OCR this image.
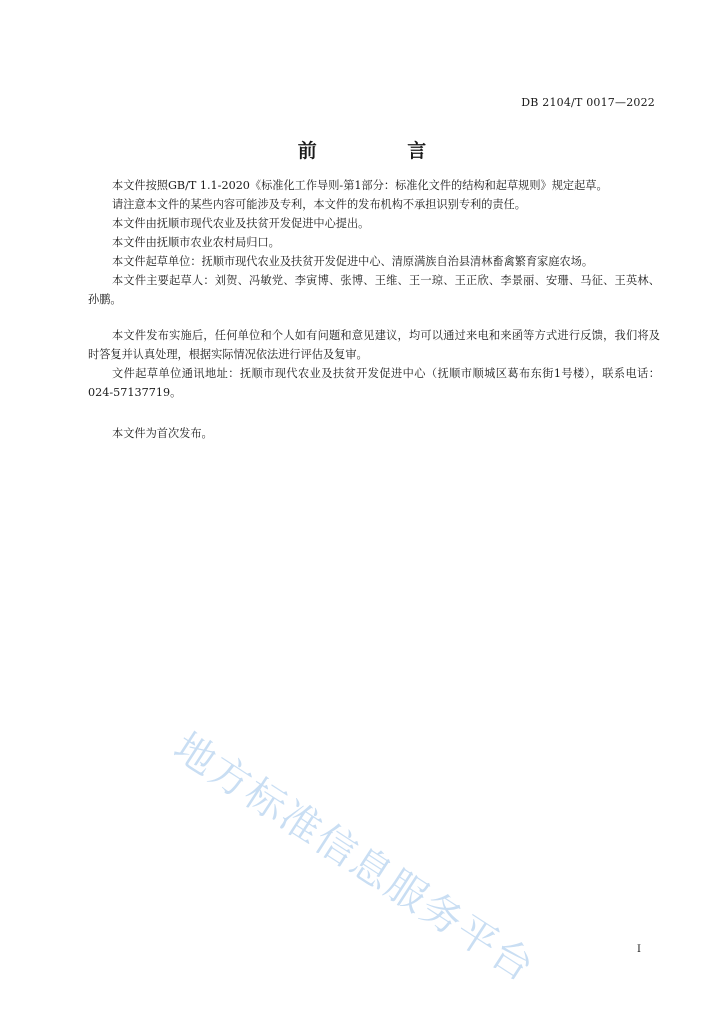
DB 2104/T 0017—2022
前 言

本文件按照GB/T 1.1-2020《标准化工作导则-第1部分：标准化文件的结构和起草规则》规定起草。

请注意本文件的某些内容可能涉及专利，本文件的发布机构不承担识别专利的责任。

本文件由抚顺市现代农业及扶贫开发促进中心提出。

本文件由抚顺市农业农村局归口。

本文件起草单位：抚顺市现代农业及扶贫开发促进中心、清原满族自治县清林畜禽繁育家庭农场。

本文件主要起草人：刘贺、冯敏党、李寅博、张博、王维、王一琼、王正欣、李景丽、安珊、马征、王英林、孙鹏。

本文件发布实施后，任何单位和个人如有问题和意见建议，均可以通过来电和来函等方式进行反馈，我们将及时答复并认真处理，根据实际情况依法进行评估及复审。

文件起草单位通讯地址：抚顺市现代农业及扶贫开发促进中心（抚顺市顺城区葛布东街1号楼），联系电话：024-57137719。

本文件为首次发布。

地方标准信息服务平台	I
